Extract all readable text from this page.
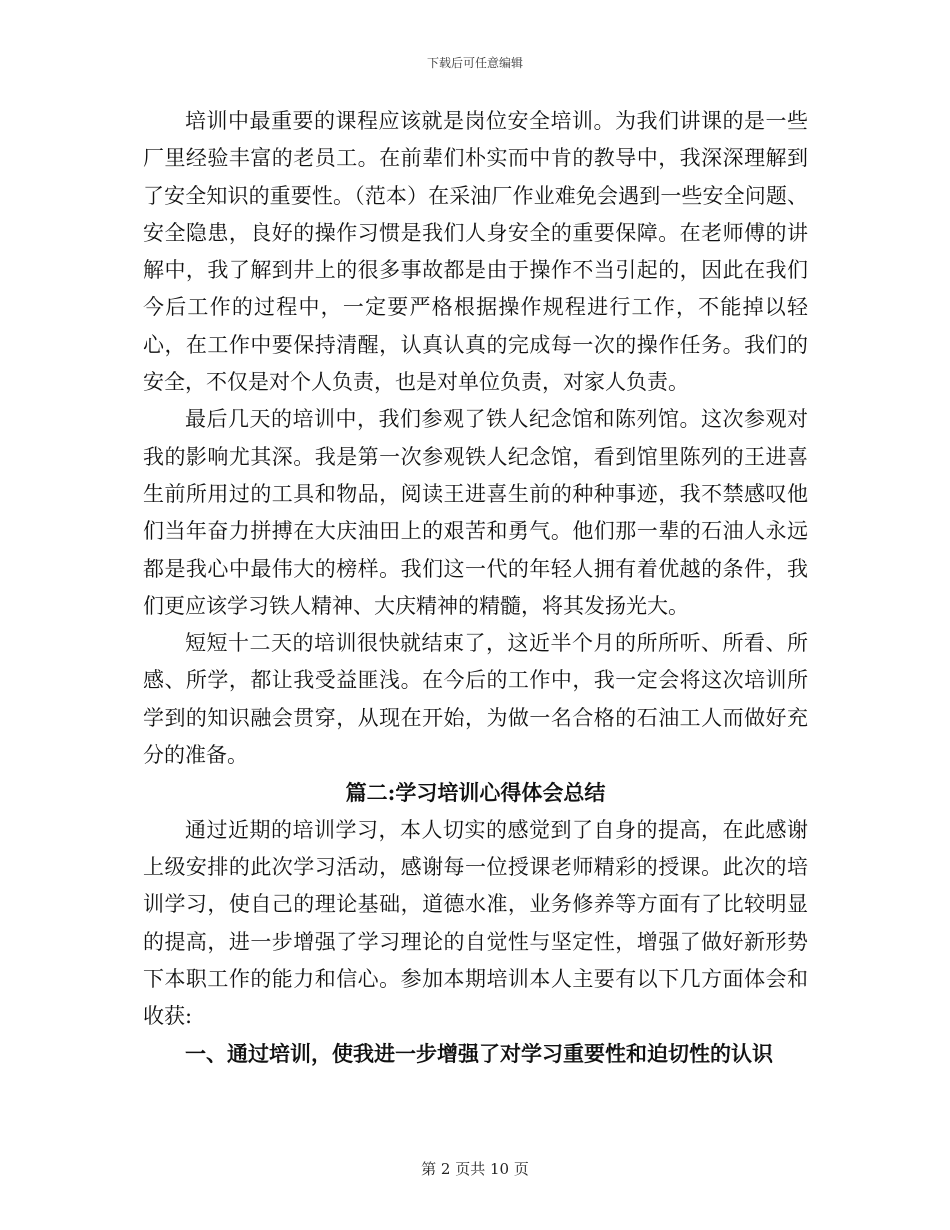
下载后可任意编辑

培训中最重要的课程应该就是岗位安全培训。为我们讲课的是一些厂里经验丰富的老员工。在前辈们朴实而中肯的教导中，我深深理解到了安全知识的重要性。（范本）在采油厂作业难免会遇到一些安全问题、安全隐患，良好的操作习惯是我们人身安全的重要保障。在老师傅的讲解中，我了解到井上的很多事故都是由于操作不当引起的，因此在我们今后工作的过程中，一定要严格根据操作规程进行工作，不能掉以轻心，在工作中要保持清醒，认真认真的完成每一次的操作任务。我们的安全，不仅是对个人负责，也是对单位负责，对家人负责。

最后几天的培训中，我们参观了铁人纪念馆和陈列馆。这次参观对我的影响尤其深。我是第一次参观铁人纪念馆，看到馆里陈列的王进喜生前所用过的工具和物品，阅读王进喜生前的种种事迹，我不禁感叹他们当年奋力拼搏在大庆油田上的艰苦和勇气。他们那一辈的石油人永远都是我心中最伟大的榜样。我们这一代的年轻人拥有着优越的条件，我们更应该学习铁人精神、大庆精神的精髓，将其发扬光大。

短短十二天的培训很快就结束了，这近半个月的所所听、所看、所感、所学，都让我受益匪浅。在今后的工作中，我一定会将这次培训所学到的知识融会贯穿，从现在开始，为做一名合格的石油工人而做好充分的准备。

篇二:学习培训心得体会总结

通过近期的培训学习，本人切实的感觉到了自身的提高，在此感谢上级安排的此次学习活动，感谢每一位授课老师精彩的授课。此次的培训学习，使自己的理论基础，道德水准，业务修养等方面有了比较明显的提高，进一步增强了学习理论的自觉性与坚定性，增强了做好新形势下本职工作的能力和信心。参加本期培训本人主要有以下几方面体会和收获:

一、通过培训，使我进一步增强了对学习重要性和迫切性的认识

第 2 页共 10 页
